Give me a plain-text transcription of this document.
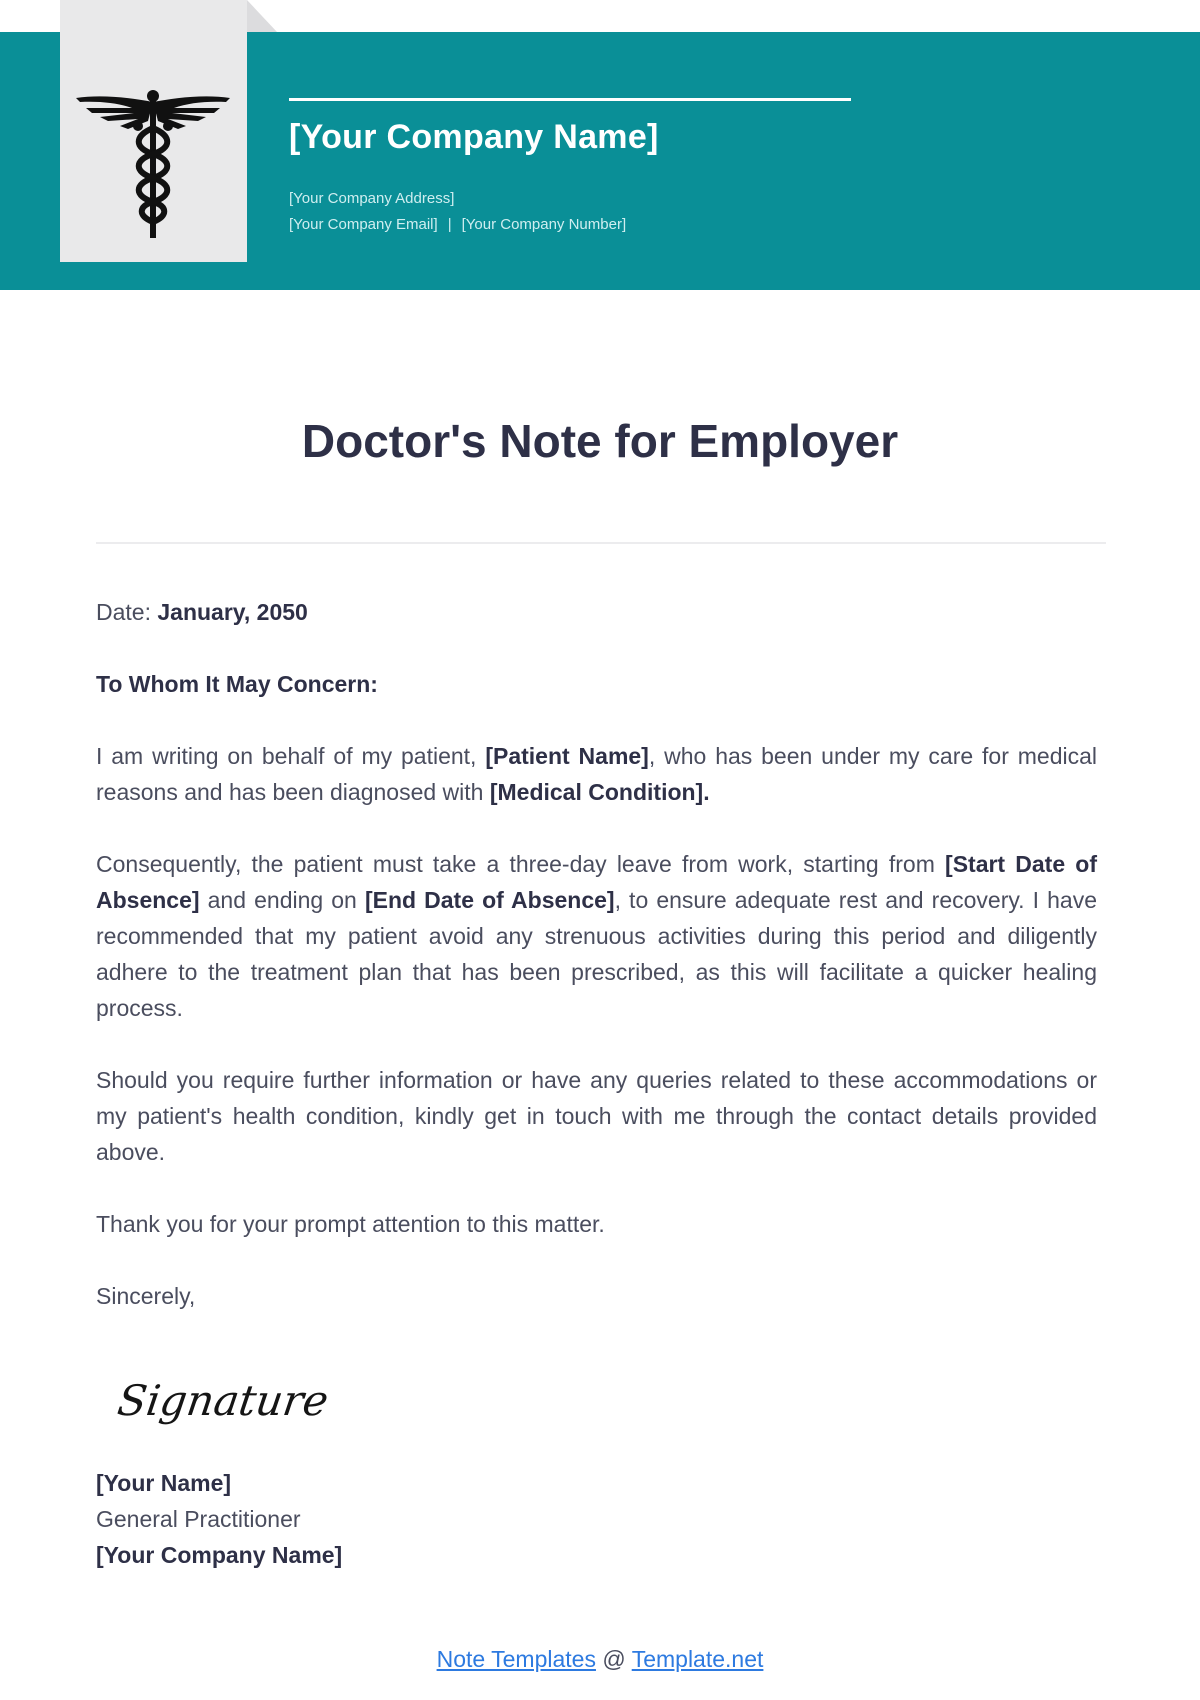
[Your Company Name]
[Your Company Address]
[Your Company Email] | [Your Company Number]
Doctor's Note for Employer

Date: January, 2050

To Whom It May Concern:

I am writing on behalf of my patient, [Patient Name], who has been under my care for medical reasons and has been diagnosed with [Medical Condition].

Consequently, the patient must take a three-day leave from work, starting from [Start Date of Absence] and ending on [End Date of Absence], to ensure adequate rest and recovery. I have recommended that my patient avoid any strenuous activities during this period and diligently adhere to the treatment plan that has been prescribed, as this will facilitate a quicker healing process.

Should you require further information or have any queries related to these accommodations or my patient's health condition, kindly get in touch with me through the contact details provided above.

Thank you for your prompt attention to this matter.

Sincerely,

Signature
[Your Name]
General Practitioner
[Your Company Name]
Note Templates @ Template.net
